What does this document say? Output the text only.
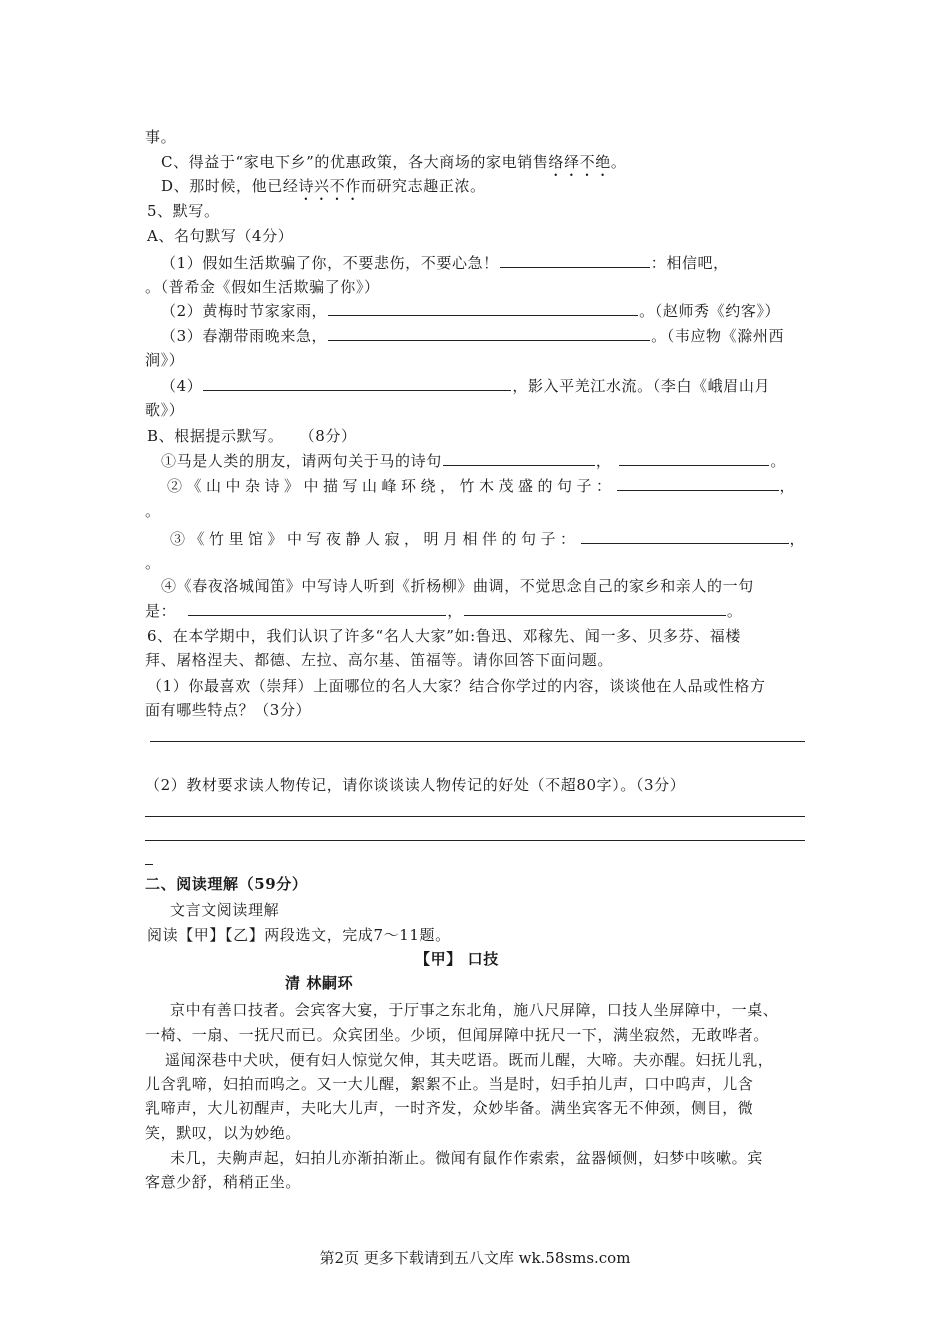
事。
C、得益于“家电下乡”的优惠政策，各大商场的家电销售络绎不绝。
D、那时候，他已经诗兴不作而研究志趣正浓。
5、默写。
A、名句默写（4分）
（1）假如生活欺骗了你，不要悲伤，不要心急！	：相信吧，
。（普希金《假如生活欺骗了你》）
（2）黄梅时节家家雨，	。（赵师秀《约客》）
（3）春潮带雨晚来急，	。（韦应物《滁州西
涧》）
（4）	，影入平羌江水流。（李白《峨眉山月
歌》）
B、根据提示默写。　　（8分）
①马是人类的朋友，请两句关于马的诗句	，	。
②《山中杂诗》中描写山峰环绕，竹木茂盛的句子：	，
。
③《竹里馆》中写夜静人寂，明月相伴的句子：	，
。
④《春夜洛城闻笛》中写诗人听到《折杨柳》曲调，不觉思念自己的家乡和亲人的一句
是：	，	。
6、在本学期中，我们认识了许多“名人大家”如:鲁迅、邓稼先、闻一多、贝多芬、福楼
拜、屠格涅夫、都德、左拉、高尔基、笛福等。请你回答下面问题。
（1）你最喜欢（崇拜）上面哪位的名人大家？结合你学过的内容，谈谈他在人品或性格方
面有哪些特点？（3分）
（2）教材要求读人物传记，请你谈谈读人物传记的好处（不超80字）。（3分）
二、阅读理解（59分）
文言文阅读理解
阅读【甲】【乙】两段选文，完成7～11题。
【甲】 口技
清 林嗣环
京中有善口技者。会宾客大宴，于厅事之东北角，施八尺屏障，口技人坐屏障中，一桌、
一椅、一扇、一抚尺而已。众宾团坐。少顷，但闻屏障中抚尺一下，满坐寂然，无敢哗者。
遥闻深巷中犬吠，便有妇人惊觉欠伸，其夫呓语。既而儿醒，大啼。夫亦醒。妇抚儿乳，
儿含乳啼，妇拍而呜之。又一大儿醒，絮絮不止。当是时，妇手拍儿声，口中呜声，儿含
乳啼声，大儿初醒声，夫叱大儿声，一时齐发，众妙毕备。满坐宾客无不伸颈，侧目，微
笑，默叹，以为妙绝。
未几，夫齁声起，妇拍儿亦渐拍渐止。微闻有鼠作作索索，盆器倾侧，妇梦中咳嗽。宾
客意少舒，稍稍正坐。
第2页 更多下载请到五八文库 wk.58sms.com
